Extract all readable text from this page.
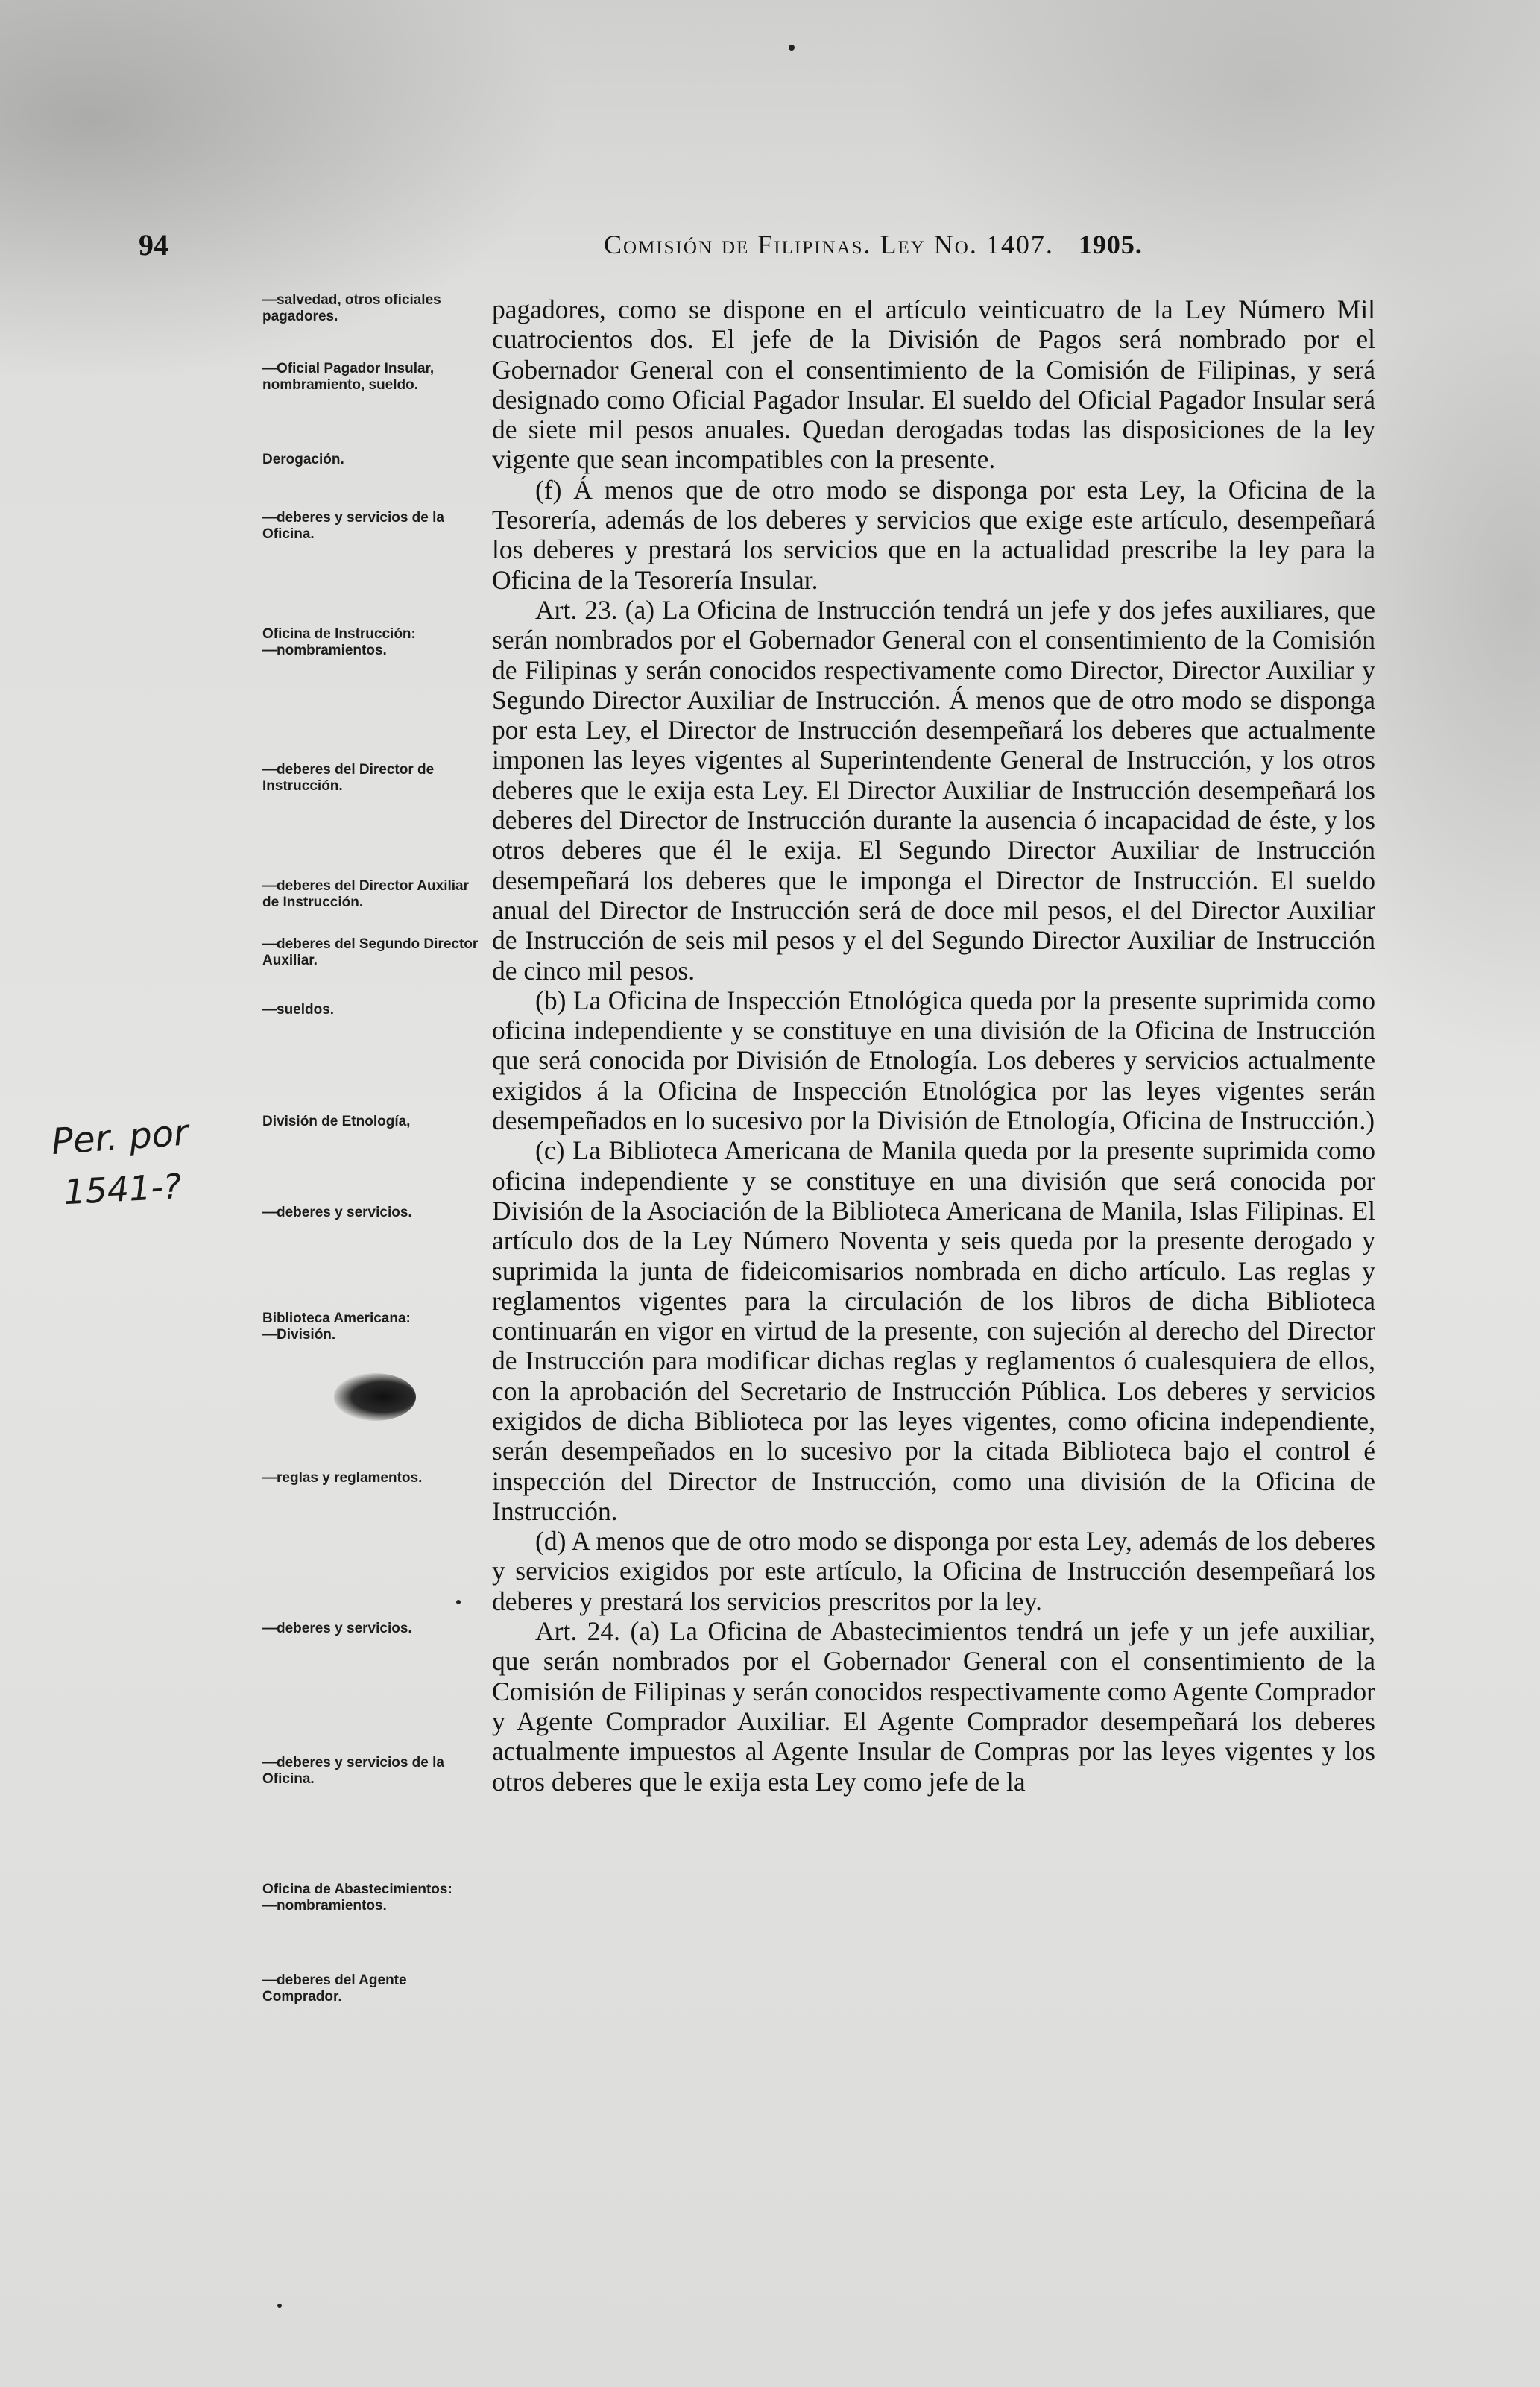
94	Comisión de Filipinas. Ley No. 1407. 1905.
—salvedad, otros oficiales pagadores.
—Oficial Pagador Insular, nombramiento, sueldo.
Derogación.
—deberes y servicios de la Oficina.
Oficina de Instrucción:
—nombramientos.
—deberes del Director de Instrucción.
—deberes del Director Auxiliar de Instrucción.
—deberes del Segundo Director Auxiliar.
—sueldos.
División de Etnología,
—deberes y servicios.
Biblioteca Americana:
—División.
—reglas y reglamentos.
—deberes y servicios.
—deberes y servicios de la Oficina.
Oficina de Abastecimientos:
—nombramientos.
—deberes del Agente Comprador.

pagadores, como se dispone en el artículo veinticuatro de la Ley Número Mil cuatrocientos dos. El jefe de la División de Pagos será nombrado por el Gobernador General con el consentimiento de la Comisión de Filipinas, y será designado como Oficial Pagador Insular. El sueldo del Oficial Pagador Insular será de siete mil pesos anuales. Quedan derogadas todas las disposiciones de la ley vigente que sean incompatibles con la presente.

(f) Á menos que de otro modo se disponga por esta Ley, la Oficina de la Tesorería, además de los deberes y servicios que exige este artículo, desempeñará los deberes y prestará los servicios que en la actualidad prescribe la ley para la Oficina de la Tesorería Insular.

Art. 23. (a) La Oficina de Instrucción tendrá un jefe y dos jefes auxiliares, que serán nombrados por el Gobernador General con el consentimiento de la Comisión de Filipinas y serán conocidos respectivamente como Director, Director Auxiliar y Segundo Director Auxiliar de Instrucción. Á menos que de otro modo se disponga por esta Ley, el Director de Instrucción desempeñará los deberes que actualmente imponen las leyes vigentes al Superintendente General de Instrucción, y los otros deberes que le exija esta Ley. El Director Auxiliar de Instrucción desempeñará los deberes del Director de Instrucción durante la ausencia ó incapacidad de éste, y los otros deberes que él le exija. El Segundo Director Auxiliar de Instrucción desempeñará los deberes que le imponga el Director de Instrucción. El sueldo anual del Director de Instrucción será de doce mil pesos, el del Director Auxiliar de Instrucción de seis mil pesos y el del Segundo Director Auxiliar de Instrucción de cinco mil pesos.

(b) La Oficina de Inspección Etnológica queda por la presente suprimida como oficina independiente y se constituye en una división de la Oficina de Instrucción que será conocida por División de Etnología. Los deberes y servicios actualmente exigidos á la Oficina de Inspección Etnológica por las leyes vigentes serán desempeñados en lo sucesivo por la División de Etnología, Oficina de Instrucción.)

(c) La Biblioteca Americana de Manila queda por la presente suprimida como oficina independiente y se constituye en una división que será conocida por División de la Asociación de la Biblioteca Americana de Manila, Islas Filipinas. El artículo dos de la Ley Número Noventa y seis queda por la presente derogado y suprimida la junta de fideicomisarios nombrada en dicho artículo. Las reglas y reglamentos vigentes para la circulación de los libros de dicha Biblioteca continuarán en vigor en virtud de la presente, con sujeción al derecho del Director de Instrucción para modificar dichas reglas y reglamentos ó cualesquiera de ellos, con la aprobación del Secretario de Instrucción Pública. Los deberes y servicios exigidos de dicha Biblioteca por las leyes vigentes, como oficina independiente, serán desempeñados en lo sucesivo por la citada Biblioteca bajo el control é inspección del Director de Instrucción, como una división de la Oficina de Instrucción.

(d) A menos que de otro modo se disponga por esta Ley, además de los deberes y servicios exigidos por este artículo, la Oficina de Instrucción desempeñará los deberes y prestará los servicios prescritos por la ley.

Art. 24. (a) La Oficina de Abastecimientos tendrá un jefe y un jefe auxiliar, que serán nombrados por el Gobernador General con el consentimiento de la Comisión de Filipinas y serán conocidos respectivamente como Agente Comprador y Agente Comprador Auxiliar. El Agente Comprador desempeñará los deberes actualmente impuestos al Agente Insular de Compras por las leyes vigentes y los otros deberes que le exija esta Ley como jefe de la

Per. por
1541-?
